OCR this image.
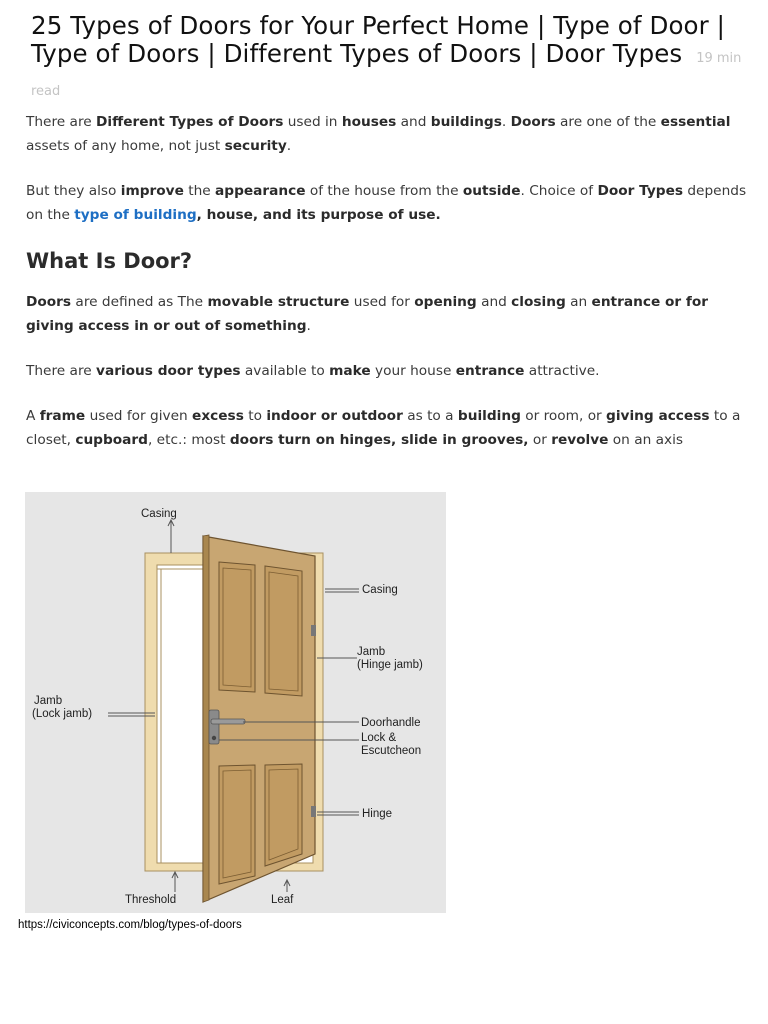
25 Types of Doors for Your Perfect Home | Type of Door | Type of Doors | Different Types of Doors | Door Types 19 min read

There are Different Types of Doors used in houses and buildings. Doors are one of the essential assets of any home, not just security.

But they also improve the appearance of the house from the outside. Choice of Door Types depends on the type of building, house, and its purpose of use.

What Is Door?

Doors are defined as The movable structure used for opening and closing an entrance or for giving access in or out of something.

There are various door types available to make your house entrance attractive.

A frame used for given excess to indoor or outdoor as to a building or room, or giving access to a closet, cupboard, etc.: most doors turn on hinges, slide in grooves, or revolve on an axis

Casing
Casing
Jamb
(Hinge jamb)
Jamb
(Lock jamb)
Doorhandle
Lock &
Escutcheon
Hinge
Threshold	Leaf

https://civiconcepts.com/blog/types-of-doors
